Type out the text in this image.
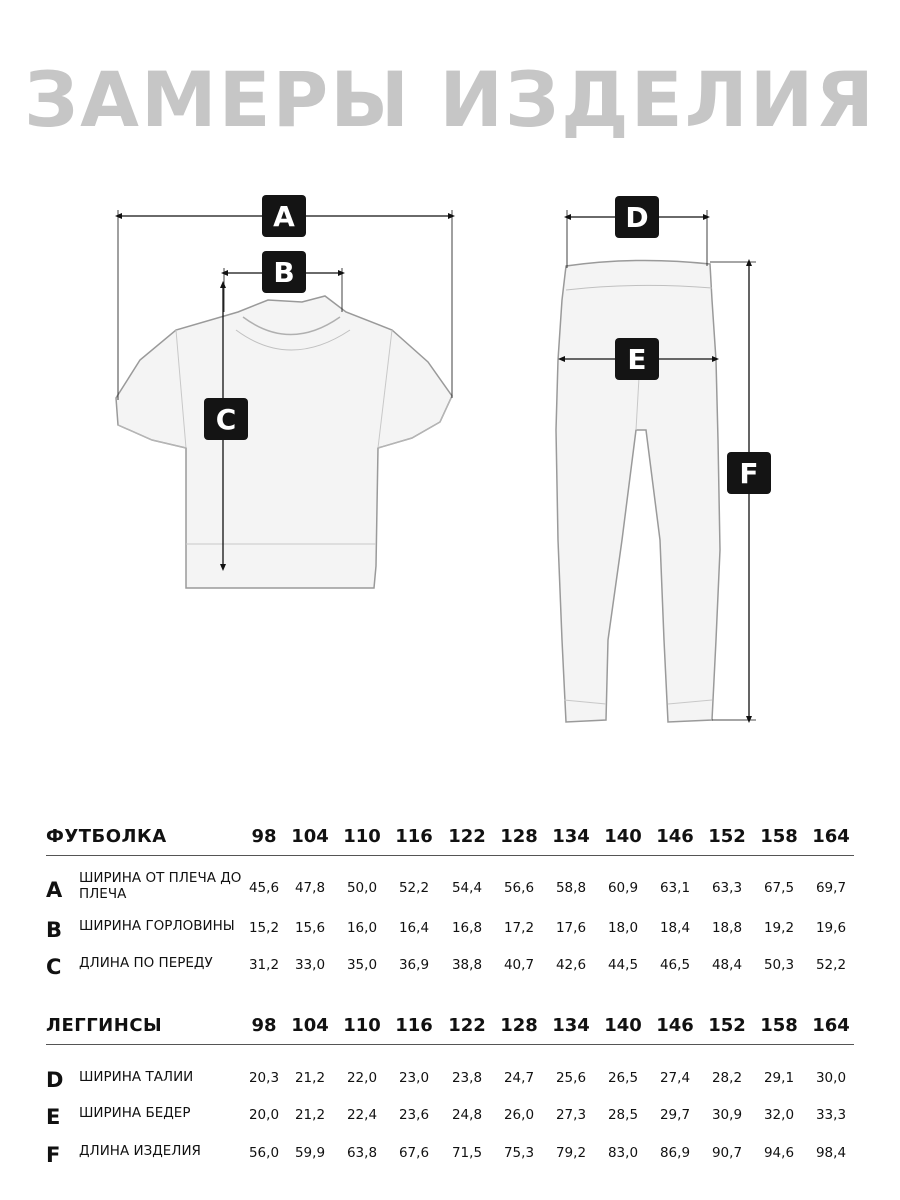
ЗАМЕРЫ ИЗДЕЛИЯ
A
B
C
D
E
F
ФУТБОЛКА	98 104 110 116 122 128 134 140 146 152 158 164
A	ШИРИНА ОТ ПЛЕЧА ДО ПЛЕЧА	45,6	47,8	50,0	52,2	54,4	56,6	58,8	60,9	63,1	63,3	67,5	69,7
B	ШИРИНА ГОРЛОВИНЫ	15,2	15,6	16,0	16,4	16,8	17,2	17,6	18,0	18,4	18,8	19,2	19,6
C	ДЛИНА ПО ПЕРЕДУ	31,2	33,0	35,0	36,9	38,8	40,7	42,6	44,5	46,5	48,4	50,3	52,2
ЛЕГГИНСЫ	98 104 110 116 122 128 134 140 146 152 158 164
D	ШИРИНА ТАЛИИ	20,3	21,2	22,0	23,0	23,8	24,7	25,6	26,5	27,4	28,2	29,1	30,0
E	ШИРИНА БЕДЕР	20,0	21,2	22,4	23,6	24,8	26,0	27,3	28,5	29,7	30,9	32,0	33,3
F	ДЛИНА ИЗДЕЛИЯ	56,0	59,9	63,8	67,6	71,5	75,3	79,2	83,0	86,9	90,7	94,6	98,4
